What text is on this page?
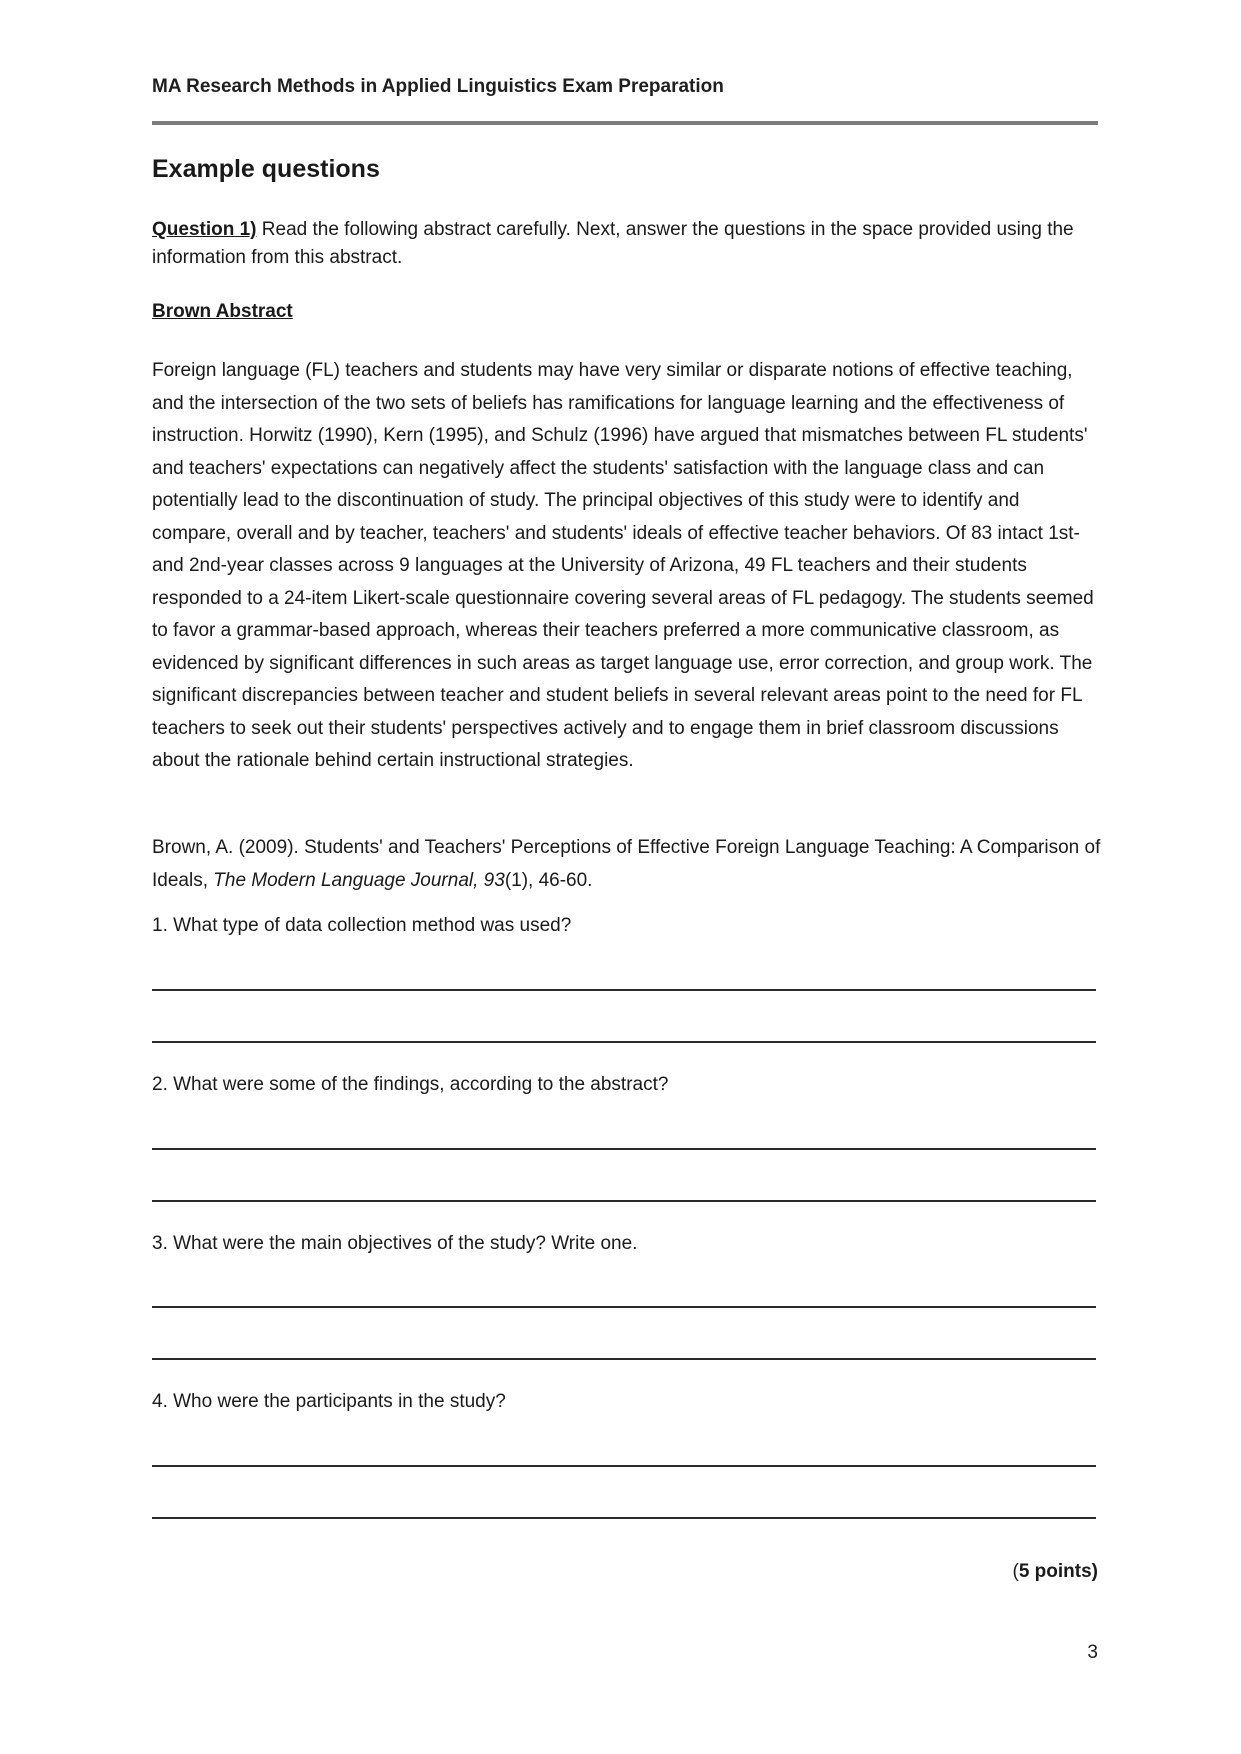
MA Research Methods in Applied Linguistics Exam Preparation
Example questions
Question 1) Read the following abstract carefully. Next, answer the questions in the space provided using the information from this abstract.
Brown Abstract
Foreign language (FL) teachers and students may have very similar or disparate notions of effective teaching, and the intersection of the two sets of beliefs has ramifications for language learning and the effectiveness of instruction. Horwitz (1990), Kern (1995), and Schulz (1996) have argued that mismatches between FL students' and teachers' expectations can negatively affect the students' satisfaction with the language class and can potentially lead to the discontinuation of study. The principal objectives of this study were to identify and compare, overall and by teacher, teachers' and students' ideals of effective teacher behaviors. Of 83 intact 1st- and 2nd-year classes across 9 languages at the University of Arizona, 49 FL teachers and their students responded to a 24-item Likert-scale questionnaire covering several areas of FL pedagogy. The students seemed to favor a grammar-based approach, whereas their teachers preferred a more communicative classroom, as evidenced by significant differences in such areas as target language use, error correction, and group work. The significant discrepancies between teacher and student beliefs in several relevant areas point to the need for FL teachers to seek out their students' perspectives actively and to engage them in brief classroom discussions about the rationale behind certain instructional strategies.
Brown, A. (2009). Students' and Teachers' Perceptions of Effective Foreign Language Teaching: A Comparison of Ideals, The Modern Language Journal, 93(1), 46-60.
1. What type of data collection method was used?
2. What were some of the findings, according to the abstract?
3. What were the main objectives of the study? Write one.
4. Who were the participants in the study?
(5 points)
3
